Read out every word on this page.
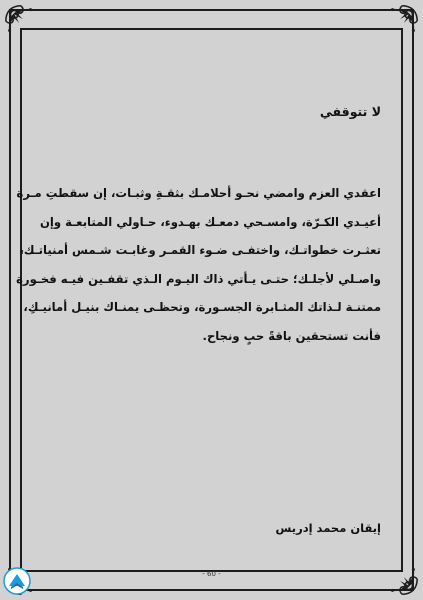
لا تتوقفي
اعقدي العزم وامضي نحـو أحلامـك بثقـةِ وثبـات، إن سقطتِ مـرة
أعيـدي الكـرّة، وامسـحي دمعـك بهـدوء، حـاولي المتابعـة وإن
تعثـرت خطواتـك، واختفـى ضـوء القمـر وغابـت شـمس أمنياتـك،
واصـلي لأجلـك؛ حتـى يـأتي ذاك اليـوم الـذي تقفـين فيـه فخـورة
ممتنـة لـذاتك المثـابرة الجسـورة، وتحظـى يمنـاك بنيـل أمانيـكِ،
فأنت تستحقين باقةً حبٍ ونجاح.
إيقان محمد إدريس
- 60 -
